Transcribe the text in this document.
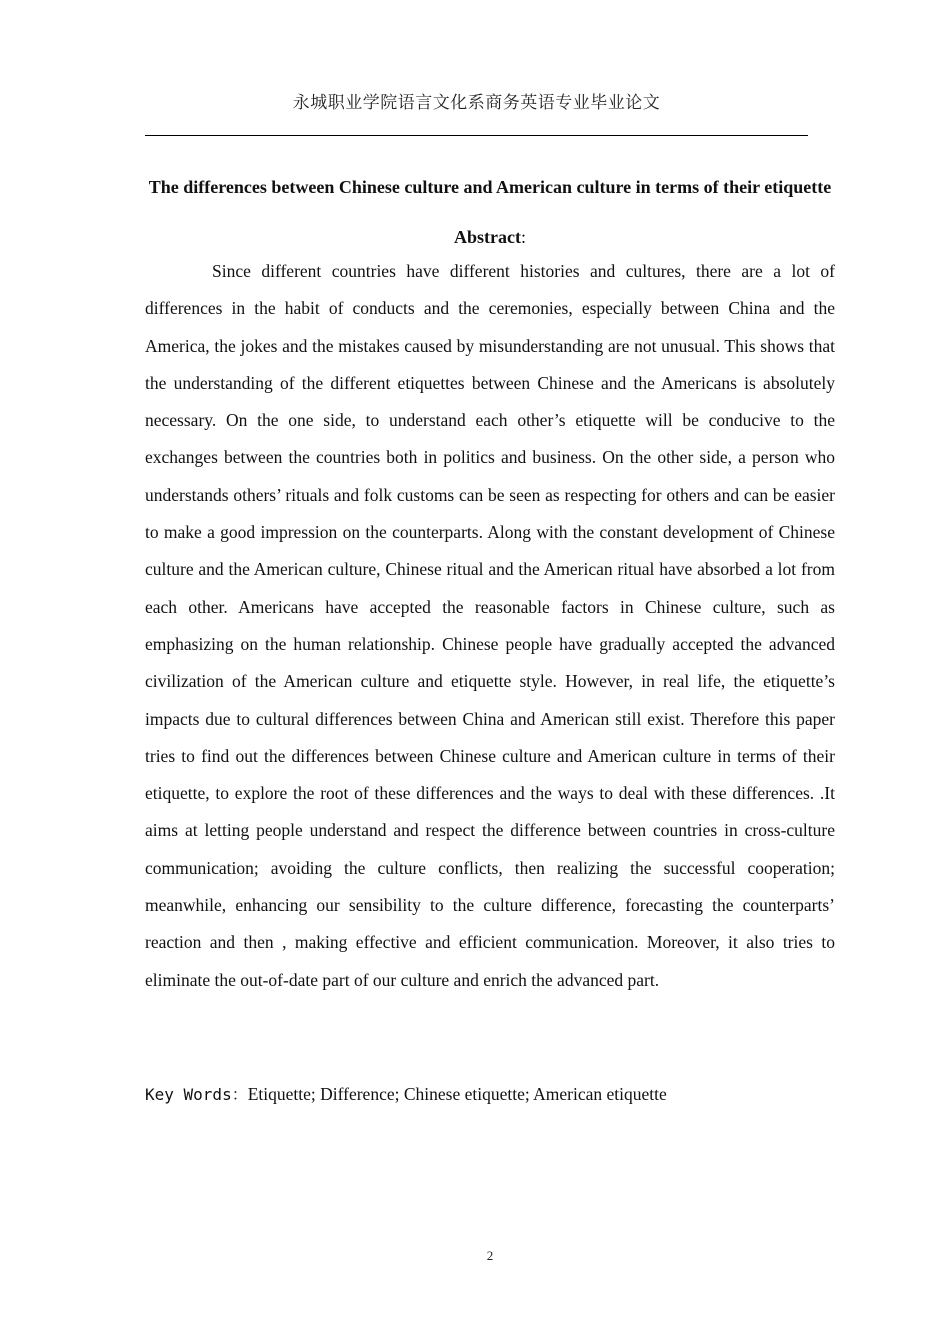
永城职业学院语言文化系商务英语专业毕业论文
The differences between Chinese culture and American culture in terms of their etiquette
Abstract:

Since different countries have different histories and cultures, there are a lot of differences in the habit of conducts and the ceremonies, especially between China and the America, the jokes and the mistakes caused by misunderstanding are not unusual. This shows that the understanding of the different etiquettes between Chinese and the Americans is absolutely necessary. On the one side, to understand each other’s etiquette will be conducive to the exchanges between the countries both in politics and business. On the other side, a person who understands others’ rituals and folk customs can be seen as respecting for others and can be easier to make a good impression on the counterparts. Along with the constant development of Chinese culture and the American culture, Chinese ritual and the American ritual have absorbed a lot from each other. Americans have accepted the reasonable factors in Chinese culture, such as emphasizing on the human relationship. Chinese people have gradually accepted the advanced civilization of the American culture and etiquette style. However, in real life, the etiquette’s impacts due to cultural differences between China and American still exist. Therefore this paper tries to find out the differences between Chinese culture and American culture in terms of their etiquette, to explore the root of these differences and the ways to deal with these differences. .It aims at letting people understand and respect the difference between countries in cross-culture communication; avoiding the culture conflicts, then realizing the successful cooperation; meanwhile, enhancing our sensibility to the culture difference, forecasting the counterparts’ reaction and then , making effective and efficient communication. Moreover, it also tries to eliminate the out-of-date part of our culture and enrich the advanced part.

Key Words：Etiquette; Difference; Chinese etiquette; American etiquette
2
